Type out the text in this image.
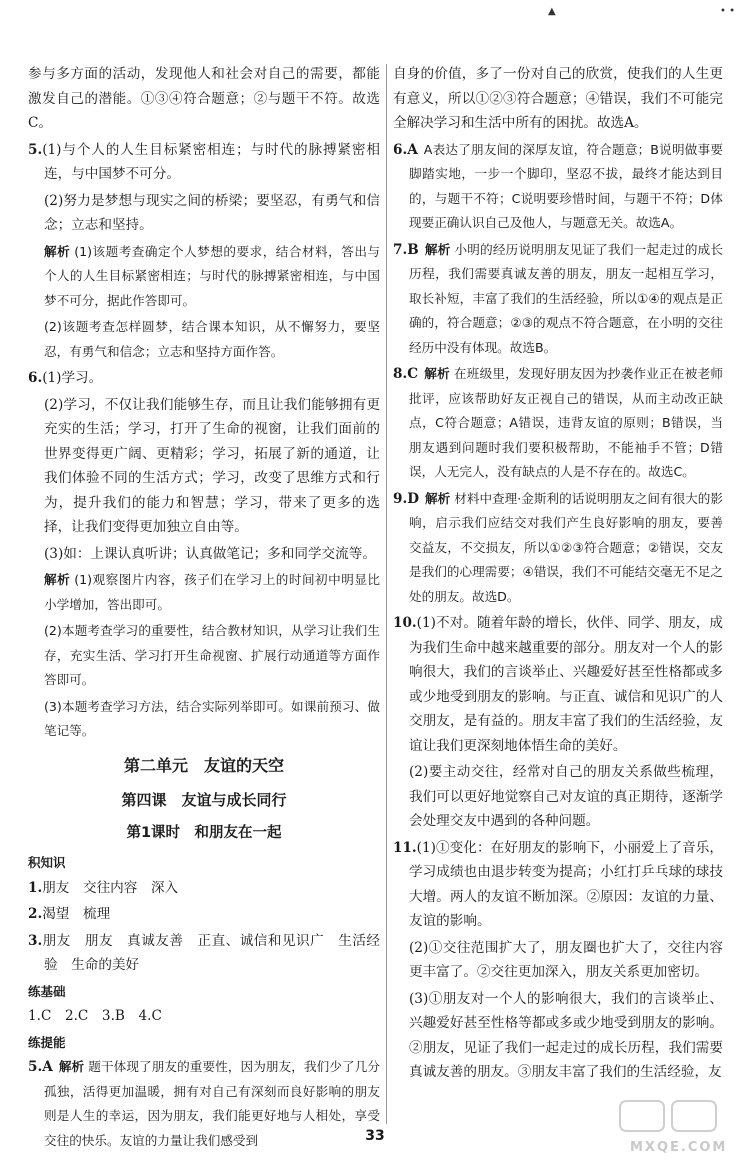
▲	• •
参与多方面的活动，发现他人和社会对自己的需要，都能激发自己的潜能。①③④符合题意；②与题干不符。故选C。
5.(1)与个人的人生目标紧密相连；与时代的脉搏紧密相连，与中国梦不可分。
(2)努力是梦想与现实之间的桥梁；要坚忍，有勇气和信念；立志和坚持。
解析 (1)该题考查确定个人梦想的要求，结合材料，答出与个人的人生目标紧密相连；与时代的脉搏紧密相连，与中国梦不可分，据此作答即可。
(2)该题考查怎样圆梦，结合课本知识，从不懈努力，要坚忍，有勇气和信念；立志和坚持方面作答。
6.(1)学习。
(2)学习，不仅让我们能够生存，而且让我们能够拥有更充实的生活；学习，打开了生命的视窗，让我们面前的世界变得更广阔、更精彩；学习，拓展了新的通道，让我们体验不同的生活方式；学习，改变了思维方式和行为，提升我们的能力和智慧；学习，带来了更多的选择，让我们变得更加独立自由等。
(3)如：上课认真听讲；认真做笔记；多和同学交流等。
解析 (1)观察图片内容，孩子们在学习上的时间初中明显比小学增加，答出即可。
(2)本题考查学习的重要性，结合教材知识，从学习让我们生存，充实生活、学习打开生命视窗、扩展行动通道等方面作答即可。
(3)本题考查学习方法，结合实际列举即可。如课前预习、做笔记等。
第二单元　友谊的天空
第四课　友谊与成长同行
第1课时　和朋友在一起
积知识
1.朋友　交往内容　深入
2.渴望　梳理
3.朋友　朋友　真诚友善　正直、诚信和见识广　生活经验　生命的美好
练基础
1.C　2.C　3.B　4.C
练提能
5.A 解析 题干体现了朋友的重要性，因为朋友，我们少了几分孤独，活得更加温暖，拥有对自己有深刻而良好影响的朋友则是人生的幸运，因为朋友，我们能更好地与人相处，享受交往的快乐。友谊的力量让我们感受到
自身的价值，多了一份对自己的欣赏，使我们的人生更有意义，所以①②③符合题意；④错误，我们不可能完全解决学习和生活中所有的困扰。故选A。
6.A A表达了朋友间的深厚友谊，符合题意；B说明做事要脚踏实地，一步一个脚印，坚忍不拔，最终才能达到目的，与题干不符；C说明要珍惜时间，与题干不符；D体现要正确认识自己及他人，与题意无关。故选A。
7.B 解析 小明的经历说明朋友见证了我们一起走过的成长历程，我们需要真诚友善的朋友，朋友一起相互学习，取长补短，丰富了我们的生活经验，所以①④的观点是正确的，符合题意；②③的观点不符合题意，在小明的交往经历中没有体现。故选B。
8.C 解析 在班级里，发现好朋友因为抄袭作业正在被老师批评，应该帮助好友正视自己的错误，从而主动改正缺点，C符合题意；A错误，违背友谊的原则；B错误，当朋友遇到问题时我们要积极帮助，不能袖手不管；D错误，人无完人，没有缺点的人是不存在的。故选C。
9.D 解析 材料中查理·金斯利的话说明朋友之间有很大的影响，启示我们应结交对我们产生良好影响的朋友，要善交益友，不交损友，所以①②③符合题意；②错误，交友是我们的心理需要；④错误，我们不可能结交毫无不足之处的朋友。故选D。
10.(1)不对。随着年龄的增长，伙伴、同学、朋友，成为我们生命中越来越重要的部分。朋友对一个人的影响很大，我们的言谈举止、兴趣爱好甚至性格都或多或少地受到朋友的影响。与正直、诚信和见识广的人交朋友，是有益的。朋友丰富了我们的生活经验，友谊让我们更深刻地体悟生命的美好。
(2)要主动交往，经常对自己的朋友关系做些梳理，我们可以更好地觉察自己对友谊的真正期待，逐渐学会处理交友中遇到的各种问题。
11.(1)①变化：在好朋友的影响下，小丽爱上了音乐，学习成绩也由退步转变为提高；小红打乒乓球的球技大增。两人的友谊不断加深。②原因：友谊的力量、友谊的影响。
(2)①交往范围扩大了，朋友圈也扩大了，交往内容更丰富了。②交往更加深入，朋友关系更加密切。
(3)①朋友对一个人的影响很大，我们的言谈举止、兴趣爱好甚至性格等都或多或少地受到朋友的影响。②朋友，见证了我们一起走过的成长历程，我们需要真诚友善的朋友。③朋友丰富了我们的生活经验，友
33
MXQE.COM
